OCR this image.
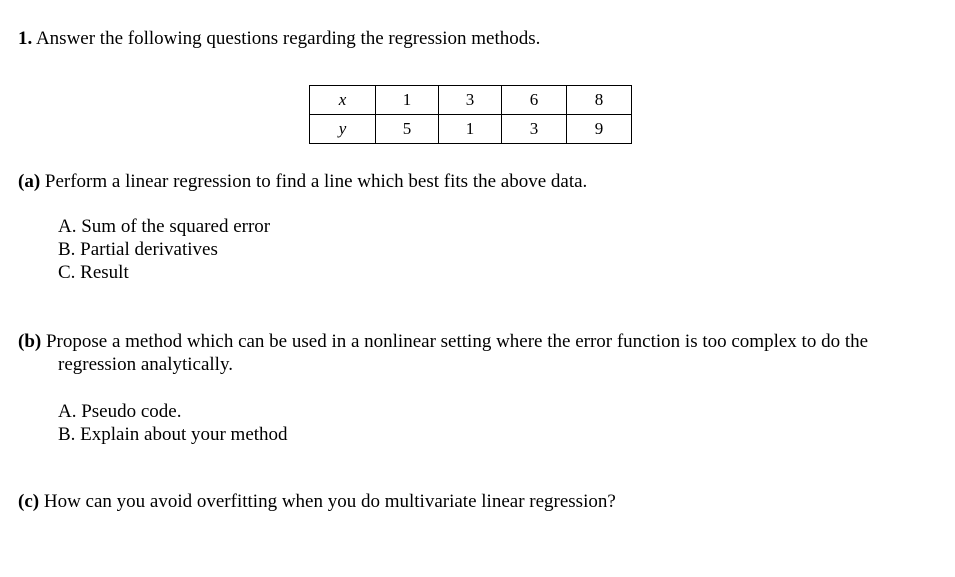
1. Answer the following questions regarding the regression methods.
x	1	3	6	8
y	5	1	3	9
(a) Perform a linear regression to find a line which best fits the above data.
A. Sum of the squared error
B. Partial derivatives
C. Result
(b) Propose a method which can be used in a nonlinear setting where the error function is too complex to do the
regression analytically.
A. Pseudo code.
B. Explain about your method
(c) How can you avoid overfitting when you do multivariate linear regression?
